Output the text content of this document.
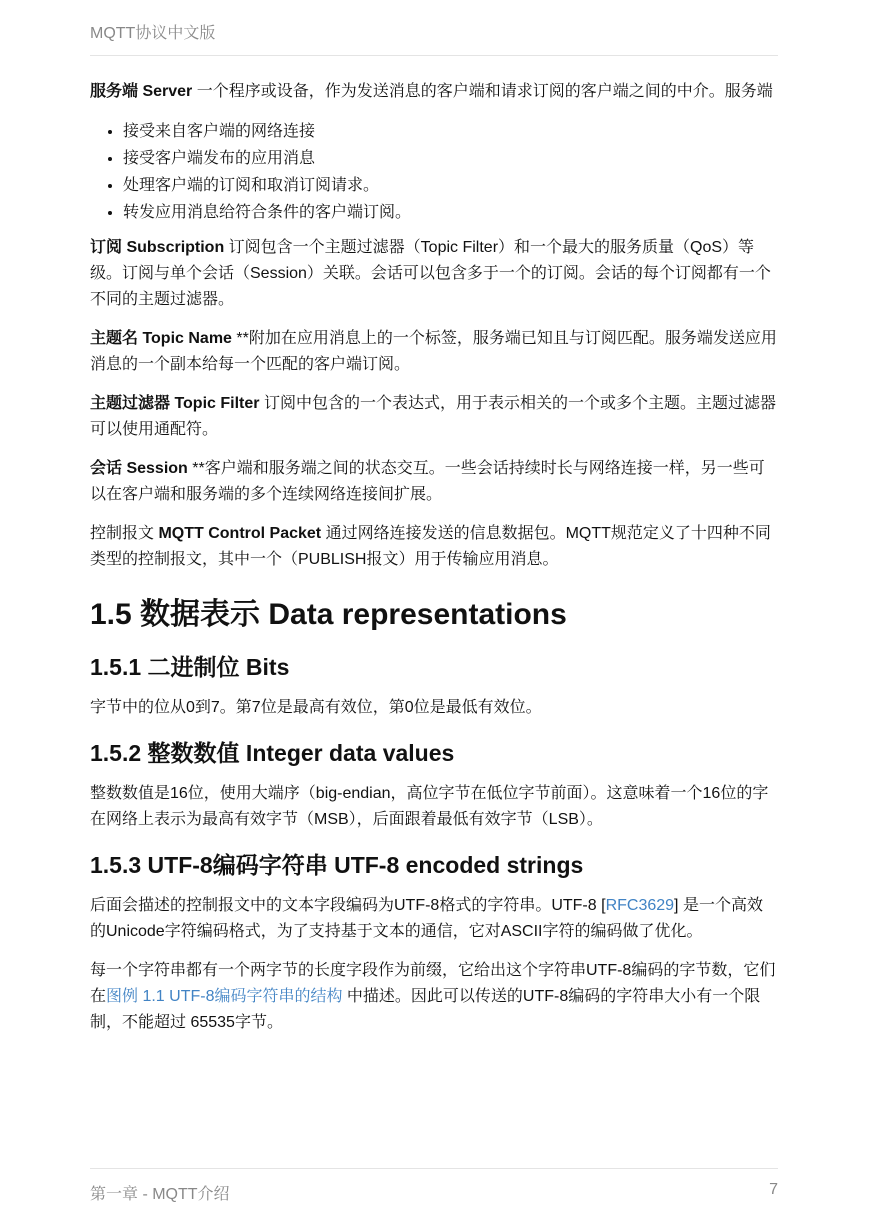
MQTT协议中文版

服务端 Server 一个程序或设备，作为发送消息的客户端和请求订阅的客户端之间的中介。服务端

• 接受来自客户端的网络连接
• 接受客户端发布的应用消息
• 处理客户端的订阅和取消订阅请求。
• 转发应用消息给符合条件的客户端订阅。

订阅 Subscription 订阅包含一个主题过滤器（Topic Filter）和一个最大的服务质量（QoS）等级。订阅与单个会话（Session）关联。会话可以包含多于一个的订阅。会话的每个订阅都有一个不同的主题过滤器。

主题名 Topic Name **附加在应用消息上的一个标签，服务端已知且与订阅匹配。服务端发送应用消息的一个副本给每一个匹配的客户端订阅。

主题过滤器 Topic Filter 订阅中包含的一个表达式，用于表示相关的一个或多个主题。主题过滤器可以使用通配符。

会话 Session **客户端和服务端之间的状态交互。一些会话持续时长与网络连接一样，另一些可以在客户端和服务端的多个连续网络连接间扩展。

控制报文 MQTT Control Packet 通过网络连接发送的信息数据包。MQTT规范定义了十四种不同类型的控制报文，其中一个（PUBLISH报文）用于传输应用消息。

1.5 数据表示 Data representations
1.5.1 二进制位 Bits

字节中的位从0到7。第7位是最高有效位，第0位是最低有效位。

1.5.2 整数数值 Integer data values

整数数值是16位，使用大端序（big-endian，高位字节在低位字节前面）。这意味着一个16位的字在网络上表示为最高有效字节（MSB），后面跟着最低有效字节（LSB）。

1.5.3 UTF-8编码字符串 UTF-8 encoded strings

后面会描述的控制报文中的文本字段编码为UTF-8格式的字符串。UTF-8 [RFC3629] 是一个高效的Unicode字符编码格式，为了支持基于文本的通信，它对ASCII字符的编码做了优化。

每一个字符串都有一个两字节的长度字段作为前缀，它给出这个字符串UTF-8编码的字节数，它们在图例 1.1 UTF-8编码字符串的结构 中描述。因此可以传送的UTF-8编码的字符串大小有一个限制，不能超过 65535字节。

第一章 - MQTT介绍	7
